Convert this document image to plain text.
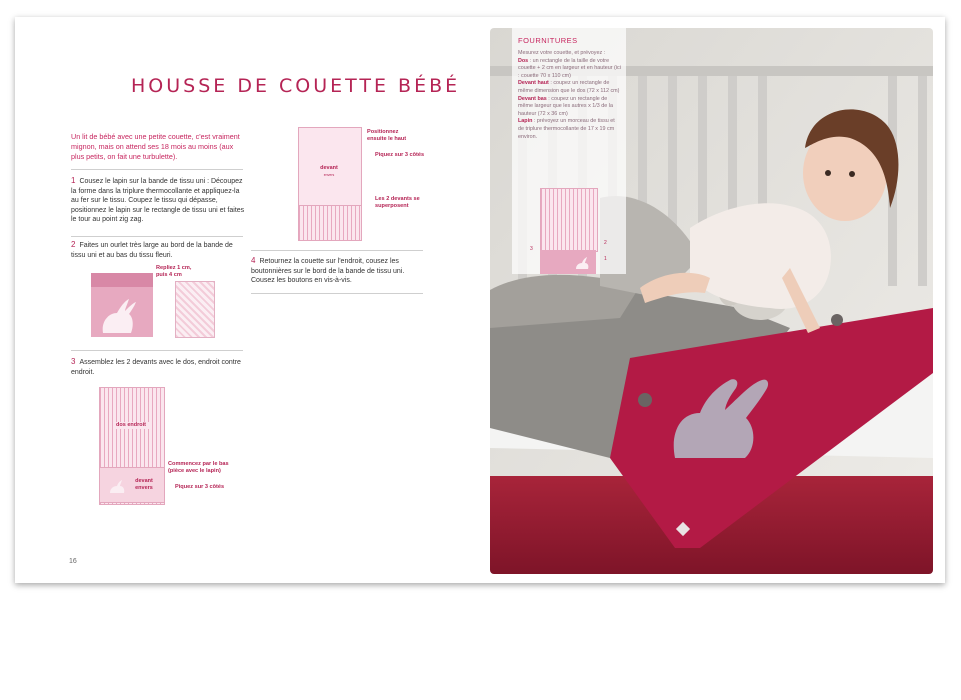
HOUSSE DE COUETTE BÉBÉ
Un lit de bébé avec une petite couette, c'est vraiment mignon, mais on attend ses 18 mois au moins (aux plus petits, on fait une turbulette).
1 Cousez le lapin sur la bande de tissu uni : Découpez la forme dans la triplure thermocollante et appliquez-la au fer sur le tissu. Coupez le tissu qui dépasse, positionnez le lapin sur le rectangle de tissu uni et faites le tour au point zig zag.
2 Faites un ourlet très large au bord de la bande de tissu uni et au bas du tissu fleuri.
Repliez 1 cm, puis 4 cm
3 Assemblez les 2 devants avec le dos, endroit contre endroit.
dos endroit
devant envers
Commencez par le bas (pièce avec le lapin)
Piquez sur 3 côtés
devant
envers
Positionnez ensuite le haut
Piquez sur 3 côtés
Les 2 devants se superposent
4 Retournez la couette sur l'endroit, cousez les boutonnières sur le bord de la bande de tissu uni. Cousez les boutons en vis-à-vis.
16
FOURNITURES
Mesurez votre couette, et prévoyez :
Dos : un rectangle de la taille de votre couette + 2 cm en largeur et en hauteur (ici : couette 70 x 110 cm)
Devant haut : coupez un rectangle de même dimension que le dos (72 x 112 cm)
Devant bas : coupez un rectangle de même largeur que les autres x 1/3 de la hauteur (72 x 36 cm)
Lapin : prévoyez un morceau de tissu et de triplure thermocollante de 17 x 19 cm environ.
3
2
1
